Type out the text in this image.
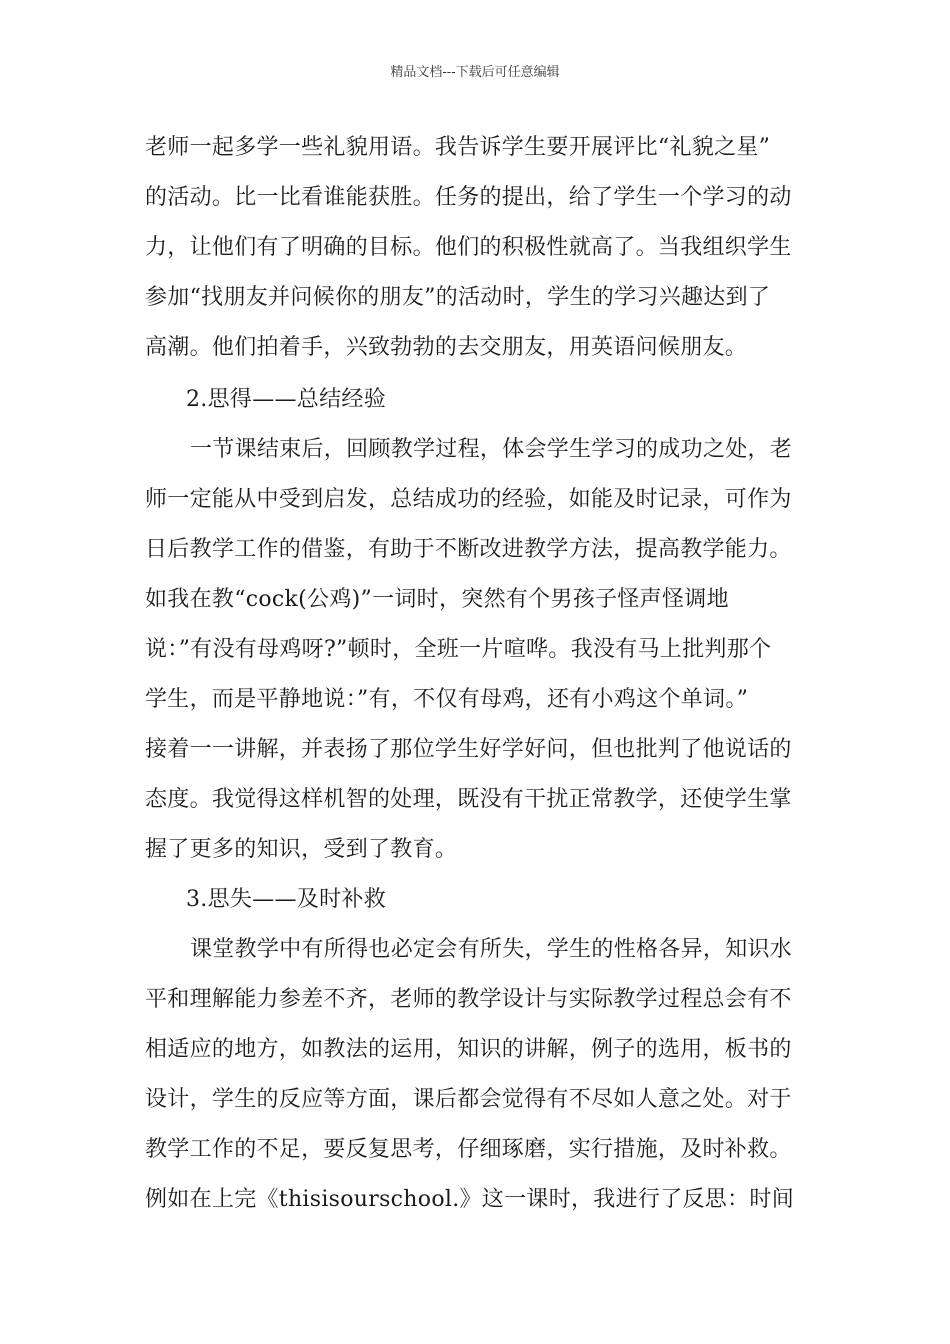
精品文档---下载后可任意编辑
老师一起多学一些礼貌用语。我告诉学生要开展评比“礼貌之星”
的活动。比一比看谁能获胜。任务的提出，给了学生一个学习的动
力，让他们有了明确的目标。他们的积极性就高了。当我组织学生
参加“找朋友并问候你的朋友”的活动时，学生的学习兴趣达到了
高潮。他们拍着手，兴致勃勃的去交朋友，用英语问候朋友。
2.思得——总结经验
一节课结束后，回顾教学过程，体会学生学习的成功之处，老
师一定能从中受到启发，总结成功的经验，如能及时记录，可作为
日后教学工作的借鉴，有助于不断改进教学方法，提高教学能力。
如我在教“cock(公鸡)”一词时，突然有个男孩子怪声怪调地
说：”有没有母鸡呀?”顿时，全班一片喧哗。我没有马上批判那个
学生，而是平静地说：”有，不仅有母鸡，还有小鸡这个单词。”
接着一一讲解，并表扬了那位学生好学好问，但也批判了他说话的
态度。我觉得这样机智的处理，既没有干扰正常教学，还使学生掌
握了更多的知识，受到了教育。
3.思失——及时补救
课堂教学中有所得也必定会有所失，学生的性格各异，知识水
平和理解能力参差不齐，老师的教学设计与实际教学过程总会有不
相适应的地方，如教法的运用，知识的讲解，例子的选用，板书的
设计，学生的反应等方面，课后都会觉得有不尽如人意之处。对于
教学工作的不足，要反复思考，仔细琢磨，实行措施，及时补救。
例如在上完《thisisourschool.》这一课时，我进行了反思：时间
